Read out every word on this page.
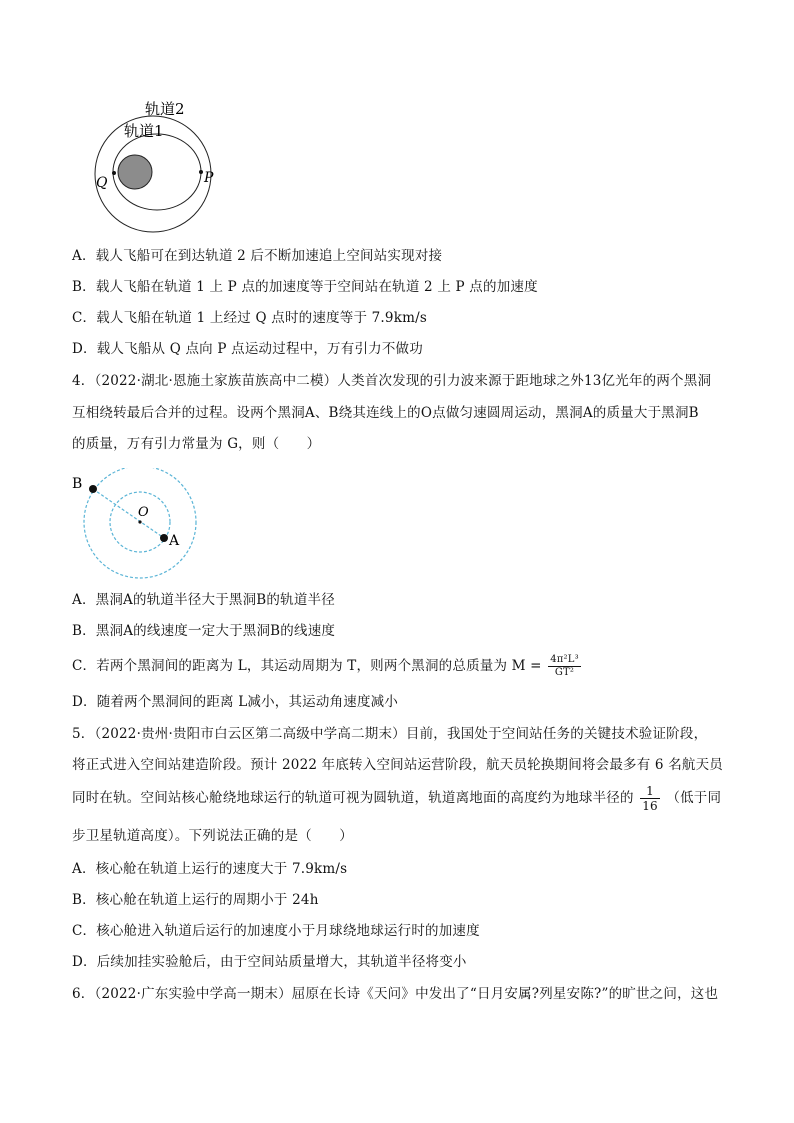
轨道2
轨道1
Q	P
A．载人飞船可在到达轨道 2 后不断加速追上空间站实现对接
B．载人飞船在轨道 1 上 P 点的加速度等于空间站在轨道 2 上 P 点的加速度
C．载人飞船在轨道 1 上经过 Q 点时的速度等于 7.9km/s
D．载人飞船从 Q 点向 P 点运动过程中，万有引力不做功
4．（2022·湖北·恩施土家族苗族高中二模）人类首次发现的引力波来源于距地球之外13亿光年的两个黑洞
互相绕转最后合并的过程。设两个黑洞A、B绕其连线上的O点做匀速圆周运动，黑洞A的质量大于黑洞B
的质量，万有引力常量为 G，则（　　）
B
O
A
A．黑洞A的轨道半径大于黑洞B的轨道半径
B．黑洞A的线速度一定大于黑洞B的线速度
C．若两个黑洞间的距离为 L，其运动周期为 T，则两个黑洞的总质量为 $M = \frac{\text{4π²L³}}{\text{GT²}}$
D．随着两个黑洞间的距离 L减小，其运动角速度减小
5．（2022·贵州·贵阳市白云区第二高级中学高二期末）目前，我国处于空间站任务的关键技术验证阶段，
将正式进入空间站建造阶段。预计 2022 年底转入空间站运营阶段，航天员轮换期间将会最多有 6 名航天员
同时在轨。空间站核心舱绕地球运行的轨道可视为圆轨道，轨道离地面的高度约为地球半径的 $\frac{1}{16}$ （低于同
步卫星轨道高度）。下列说法正确的是（　　）
A．核心舱在轨道上运行的速度大于 7.9km/s
B．核心舱在轨道上运行的周期小于 24h
C．核心舱进入轨道后运行的加速度小于月球绕地球运行时的加速度
D．后续加挂实验舱后，由于空间站质量增大，其轨道半径将变小
6．（2022·广东实验中学高一期末）屈原在长诗《天问》中发出了“日月安属?列星安陈?”的旷世之问，这也
